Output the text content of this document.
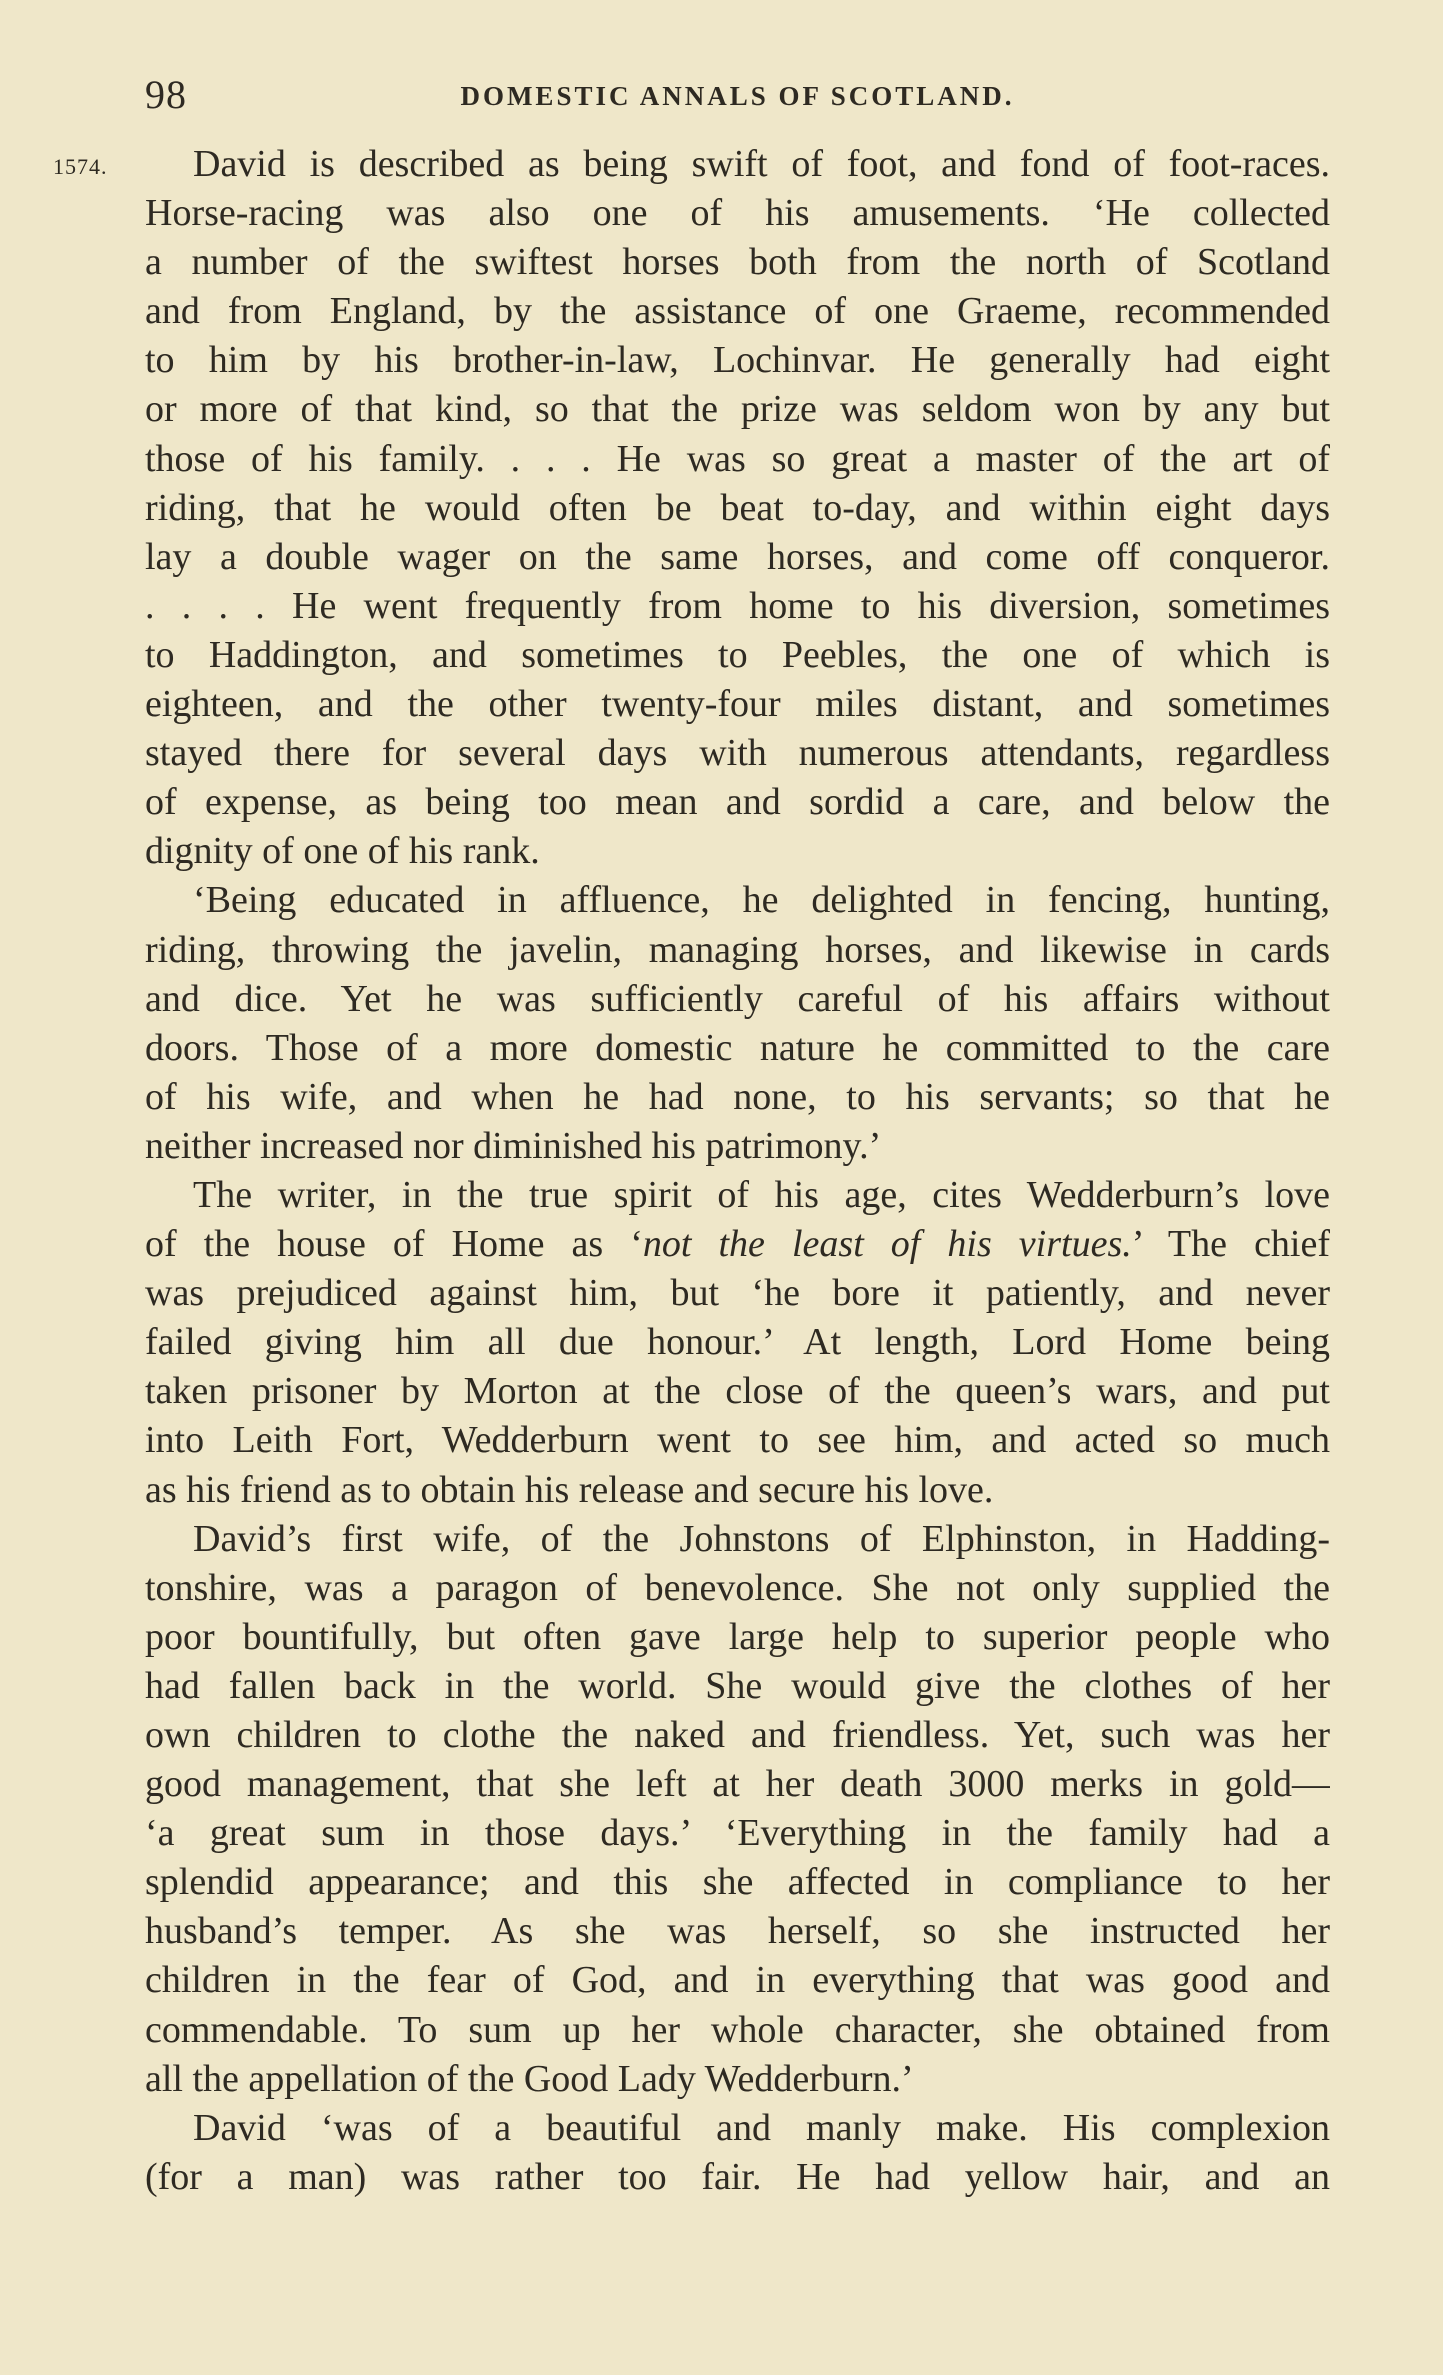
98	DOMESTIC ANNALS OF SCOTLAND.
1574.	David is described as being swift of foot, and fond of foot-races.
Horse-racing was also one of his amusements. ‘He collected
a number of the swiftest horses both from the north of Scotland
and from England, by the assistance of one Graeme, recommended
to him by his brother-in-law, Lochinvar. He generally had eight
or more of that kind, so that the prize was seldom won by any but
those of his family. . . . He was so great a master of the art of
riding, that he would often be beat to-day, and within eight days
lay a double wager on the same horses, and come off conqueror.
. . . . He went frequently from home to his diversion, sometimes
to Haddington, and sometimes to Peebles, the one of which is
eighteen, and the other twenty-four miles distant, and sometimes
stayed there for several days with numerous attendants, regardless
of expense, as being too mean and sordid a care, and below the
dignity of one of his rank.
‘Being educated in affluence, he delighted in fencing, hunting,
riding, throwing the javelin, managing horses, and likewise in cards
and dice. Yet he was sufficiently careful of his affairs without
doors. Those of a more domestic nature he committed to the care
of his wife, and when he had none, to his servants; so that he
neither increased nor diminished his patrimony.’
The writer, in the true spirit of his age, cites Wedderburn’s love
of the house of Home as ‘not the least of his virtues.’ The chief
was prejudiced against him, but ‘he bore it patiently, and never
failed giving him all due honour.’ At length, Lord Home being
taken prisoner by Morton at the close of the queen’s wars, and put
into Leith Fort, Wedderburn went to see him, and acted so much
as his friend as to obtain his release and secure his love.
David’s first wife, of the Johnstons of Elphinston, in Hadding-
tonshire, was a paragon of benevolence. She not only supplied the
poor bountifully, but often gave large help to superior people who
had fallen back in the world. She would give the clothes of her
own children to clothe the naked and friendless. Yet, such was her
good management, that she left at her death 3000 merks in gold—
‘a great sum in those days.’ ‘Everything in the family had a
splendid appearance; and this she affected in compliance to her
husband’s temper. As she was herself, so she instructed her
children in the fear of God, and in everything that was good and
commendable. To sum up her whole character, she obtained from
all the appellation of the Good Lady Wedderburn.’
David ‘was of a beautiful and manly make. His complexion
(for a man) was rather too fair. He had yellow hair, and an
